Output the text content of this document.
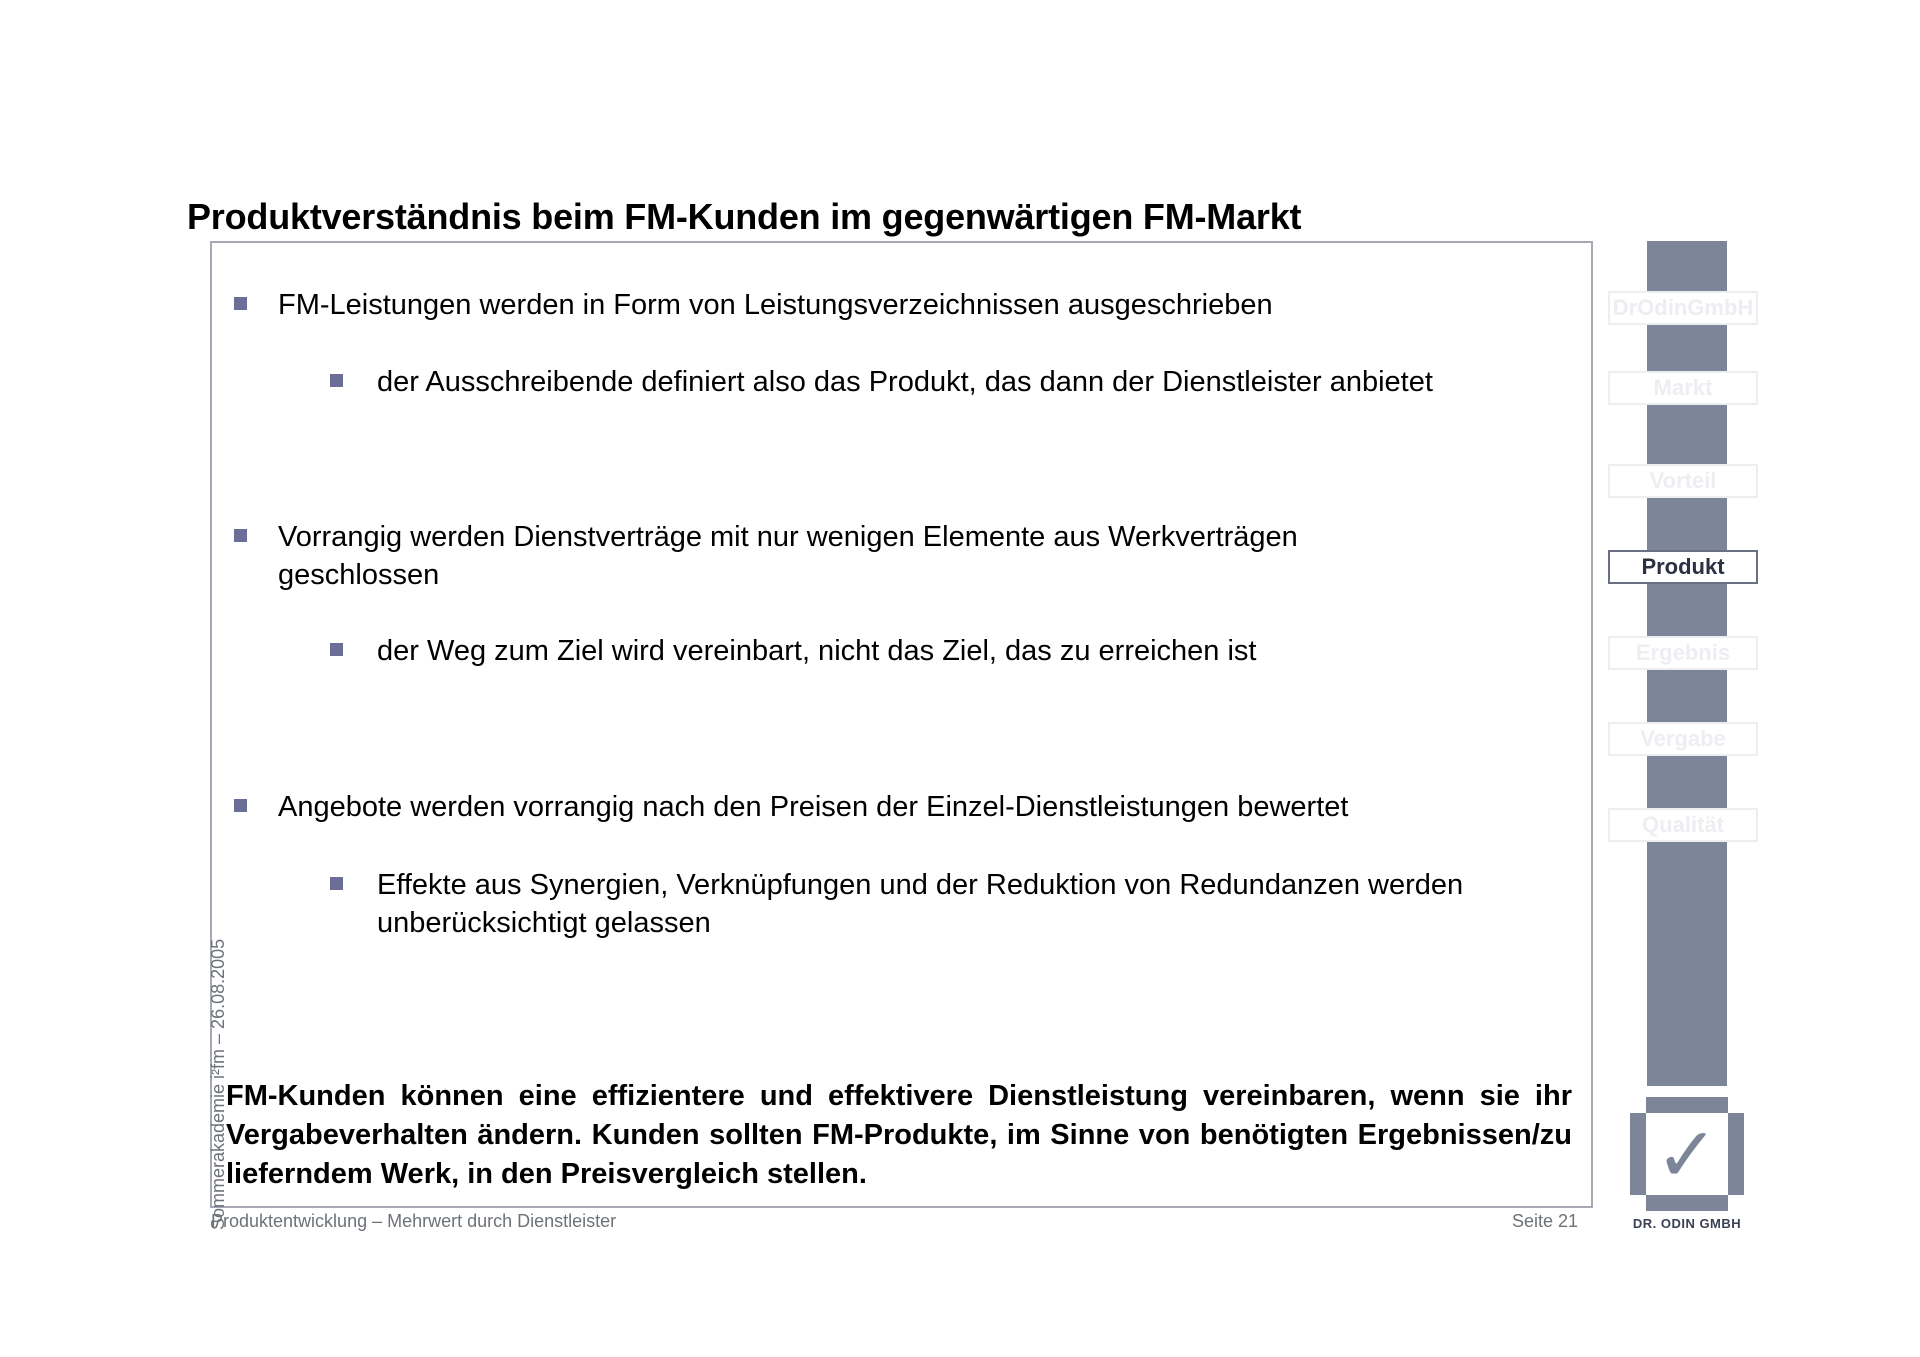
Produktverständnis beim FM-Kunden im gegenwärtigen FM-Markt
FM-Leistungen werden in Form von Leistungsverzeichnissen ausgeschrieben
der Ausschreibende definiert also das Produkt, das dann der Dienstleister anbietet
Vorrangig werden Dienstverträge mit nur wenigen Elemente aus Werkverträgen geschlossen
der Weg zum Ziel wird vereinbart, nicht das Ziel, das zu erreichen ist
Angebote werden vorrangig nach den Preisen der Einzel-Dienstleistungen bewertet
Effekte aus Synergien, Verknüpfungen und der Reduktion von Redundanzen werden unberücksichtigt gelassen

FM-Kunden können eine effizientere und effektivere Dienstleistung vereinbaren, wenn sie ihr Vergabeverhalten ändern. Kunden sollten FM-Produkte, im Sinne von benötigten Ergebnissen/zu lieferndem Werk, in den Preisvergleich stellen.

Produktentwicklung – Mehrwert durch Dienstleister	Seite 21
Sommerakademie i²fm – 26.08.2005
DrOdinGmbH
Markt
Vorteil
Produkt
Ergebnis
Vergabe
Qualität
✓
DR. ODIN GMBH
